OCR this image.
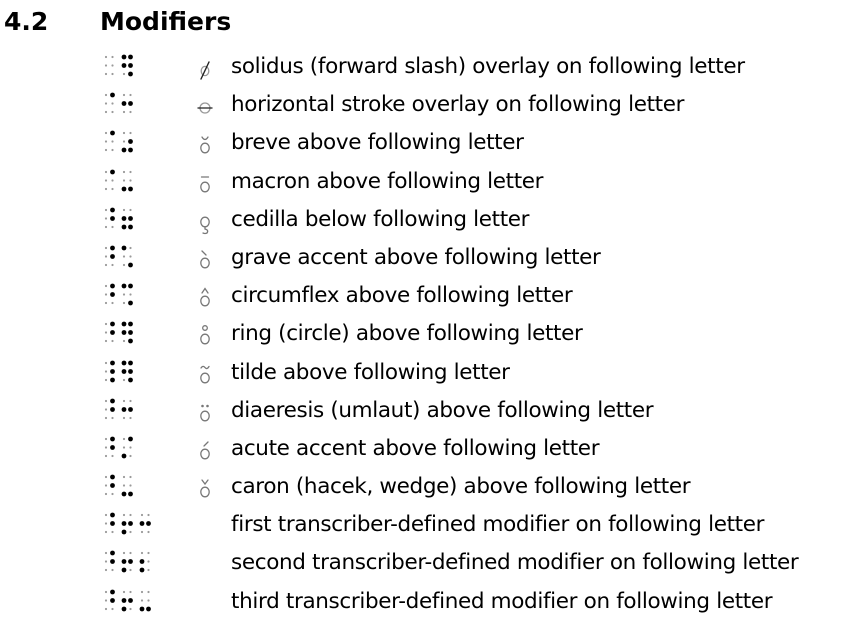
4.2 Modifiers
solidus (forward slash) overlay on following letter
horizontal stroke overlay on following letter
breve above following letter
macron above following letter
cedilla below following letter
grave accent above following letter
circumflex above following letter
ring (circle) above following letter
tilde above following letter
diaeresis (umlaut) above following letter
acute accent above following letter
caron (hacek, wedge) above following letter
first transcriber-defined modifier on following letter
second transcriber-defined modifier on following letter
third transcriber-defined modifier on following letter
